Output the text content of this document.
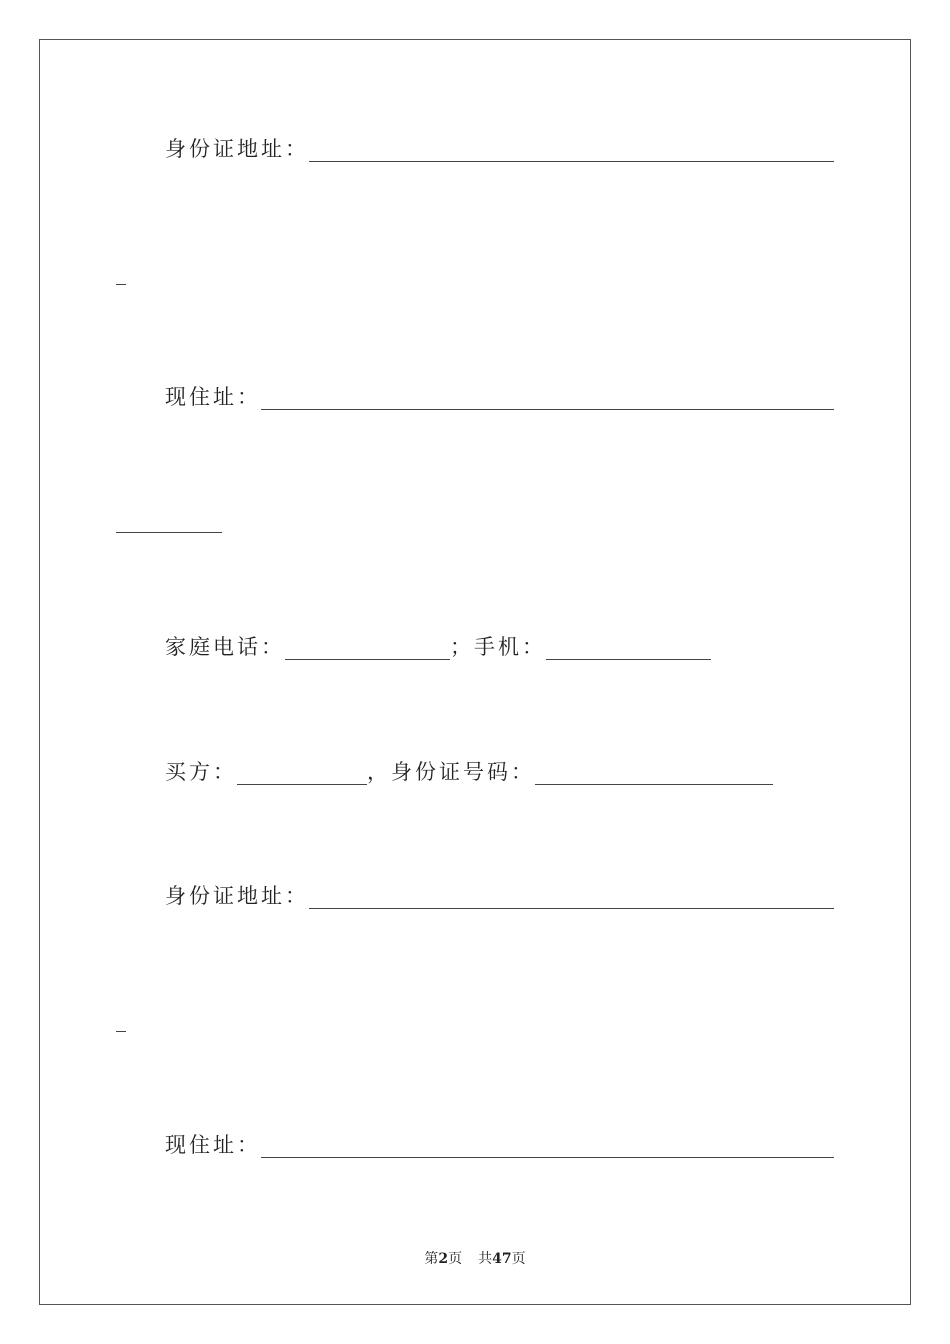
身份证地址：
现住址：
家庭电话：	； 手机：
买方：	， 身份证号码：
身份证地址：
现住址：
第2页 共47页
